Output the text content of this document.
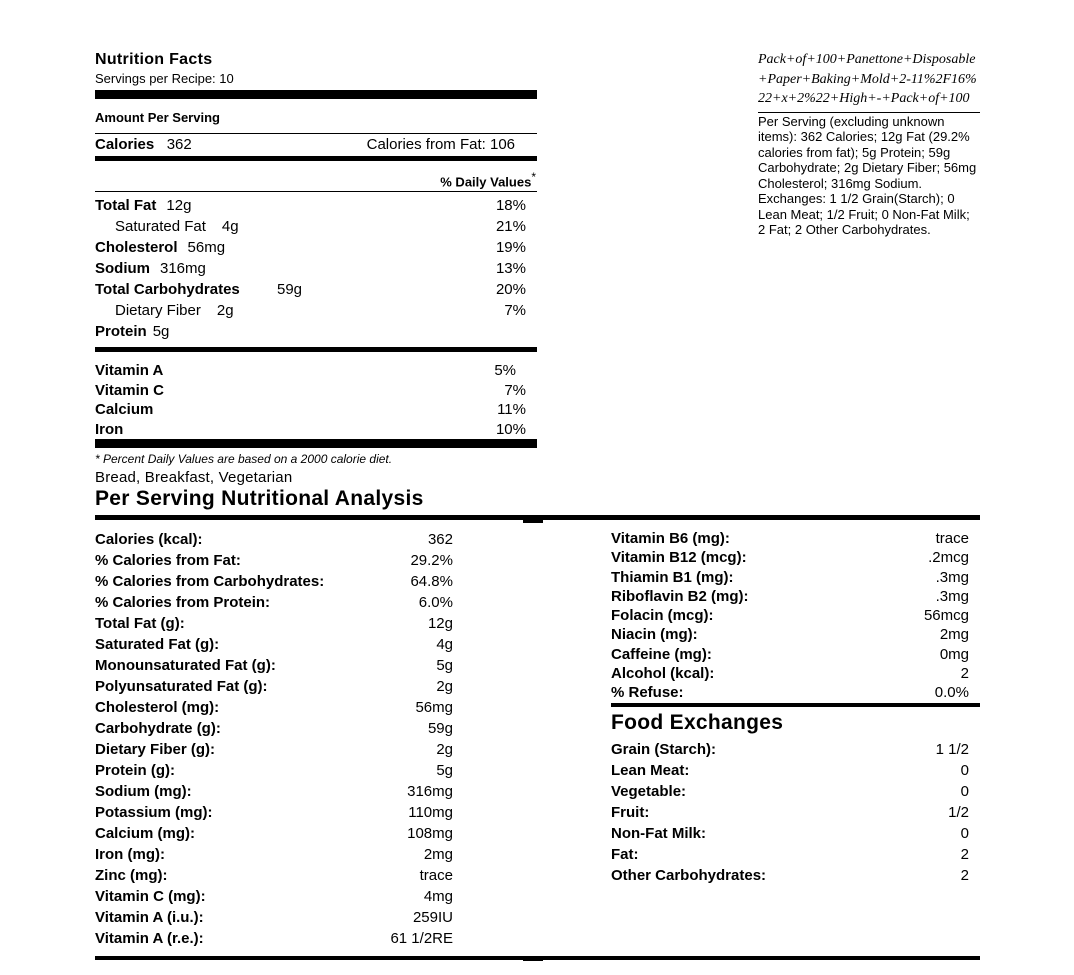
Nutrition Facts
Servings per Recipe: 10
Amount Per Serving
Calories 362	Calories from Fat: 106
% Daily Values*
Total Fat 12g	18%
Saturated Fat 4g	21%
Cholesterol 56mg	19%
Sodium 316mg	13%
Total Carbohydrates 59g	20%
Dietary Fiber 2g	7%
Protein 5g
Vitamin A	5%
Vitamin C	7%
Calcium	11%
Iron	10%
* Percent Daily Values are based on a 2000 calorie diet.
Bread, Breakfast, Vegetarian
Pack+of+100+Panettone+Disposable+Paper+Baking+Mold+2-11%2F16%22+x+2%22+High+-+Pack+of+100
Per Serving (excluding unknown items): 362 Calories; 12g Fat (29.2% calories from fat); 5g Protein; 59g Carbohydrate; 2g Dietary Fiber; 56mg Cholesterol; 316mg Sodium. Exchanges: 1 1/2 Grain(Starch); 0 Lean Meat; 1/2 Fruit; 0 Non-Fat Milk; 2 Fat; 2 Other Carbohydrates.
Per Serving Nutritional Analysis
Calories (kcal):	362
% Calories from Fat:	29.2%
% Calories from Carbohydrates:	64.8%
% Calories from Protein:	6.0%
Total Fat (g):	12g
Saturated Fat (g):	4g
Monounsaturated Fat (g):	5g
Polyunsaturated Fat (g):	2g
Cholesterol (mg):	56mg
Carbohydrate (g):	59g
Dietary Fiber (g):	2g
Protein (g):	5g
Sodium (mg):	316mg
Potassium (mg):	110mg
Calcium (mg):	108mg
Iron (mg):	2mg
Zinc (mg):	trace
Vitamin C (mg):	4mg
Vitamin A (i.u.):	259IU
Vitamin A (r.e.):	61 1/2RE
Vitamin B6 (mg):	trace
Vitamin B12 (mcg):	.2mcg
Thiamin B1 (mg):	.3mg
Riboflavin B2 (mg):	.3mg
Folacin (mcg):	56mcg
Niacin (mg):	2mg
Caffeine (mg):	0mg
Alcohol (kcal):	2
% Refuse:	0.0%
Food Exchanges
Grain (Starch):	1 1/2
Lean Meat:	0
Vegetable:	0
Fruit:	1/2
Non-Fat Milk:	0
Fat:	2
Other Carbohydrates:	2
